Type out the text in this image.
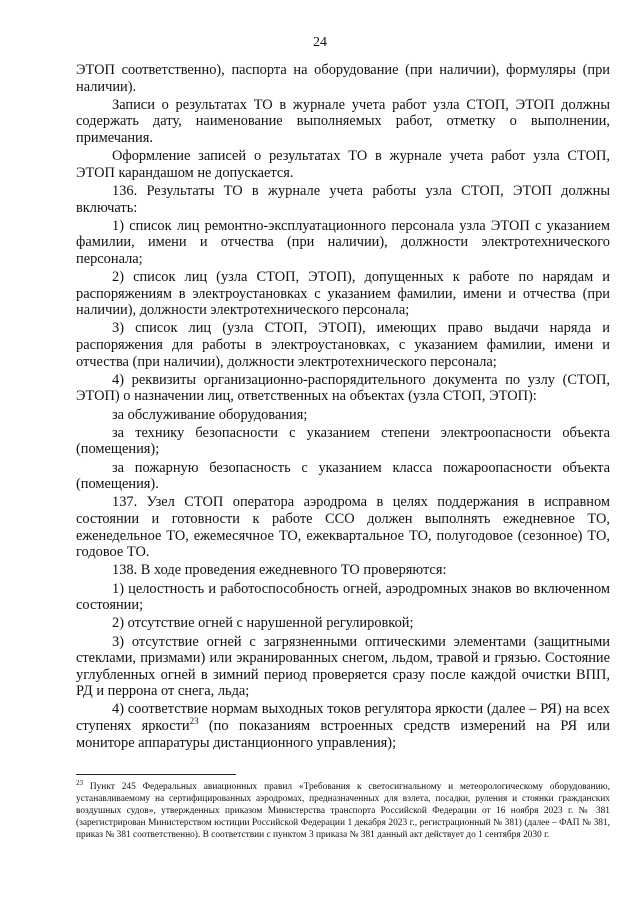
24

ЭТОП соответственно), паспорта на оборудование (при наличии), формуляры (при наличии).

Записи о результатах ТО в журнале учета работ узла СТОП, ЭТОП должны содержать дату, наименование выполняемых работ, отметку о выполнении, примечания.

Оформление записей о результатах ТО в журнале учета работ узла СТОП, ЭТОП карандашом не допускается.

136. Результаты ТО в журнале учета работы узла СТОП, ЭТОП должны включать:

1) список лиц ремонтно-эксплуатационного персонала узла ЭТОП с указанием фамилии, имени и отчества (при наличии), должности электротехнического персонала;

2) список лиц (узла СТОП, ЭТОП), допущенных к работе по нарядам и распоряжениям в электроустановках с указанием фамилии, имени и отчества (при наличии), должности электротехнического персонала;

3) список лиц (узла СТОП, ЭТОП), имеющих право выдачи наряда и распоряжения для работы в электроустановках, с указанием фамилии, имени и отчества (при наличии), должности электротехнического персонала;

4) реквизиты организационно-распорядительного документа по узлу (СТОП, ЭТОП) о назначении лиц, ответственных на объектах (узла СТОП, ЭТОП):

за обслуживание оборудования;

за технику безопасности с указанием степени электроопасности объекта (помещения);

за пожарную безопасность с указанием класса пожароопасности объекта (помещения).

137. Узел СТОП оператора аэродрома в целях поддержания в исправном состоянии и готовности к работе ССО должен выполнять ежедневное ТО, еженедельное ТО, ежемесячное ТО, ежеквартальное ТО, полугодовое (сезонное) ТО, годовое ТО.

138. В ходе проведения ежедневного ТО проверяются:

1) целостность и работоспособность огней, аэродромных знаков во включенном состоянии;

2) отсутствие огней с нарушенной регулировкой;

3) отсутствие огней с загрязненными оптическими элементами (защитными стеклами, призмами) или экранированных снегом, льдом, травой и грязью. Состояние углубленных огней в зимний период проверяется сразу после каждой очистки ВПП, РД и перрона от снега, льда;

4) соответствие нормам выходных токов регулятора яркости (далее – РЯ) на всех ступенях яркости$^{23}$ (по показаниям встроенных средств измерений на РЯ или мониторе аппаратуры дистанционного управления);

$^{23}$ Пункт 245 Федеральных авиационных правил «Требования к светосигнальному и метеорологическому оборудованию, устанавливаемому на сертифицированных аэродромах, предназначенных для взлета, посадки, руления и стоянки гражданских воздушных судов», утвержденных приказом Министерства транспорта Российской Федерации от 16 ноября 2023 г. № 381 (зарегистрирован Министерством юстиции Российской Федерации 1 декабря 2023 г., регистрационный № 381) (далее – ФАП № 381, приказ № 381 соответственно). В соответствии с пунктом 3 приказа № 381 данный акт действует до 1 сентября 2030 г.
